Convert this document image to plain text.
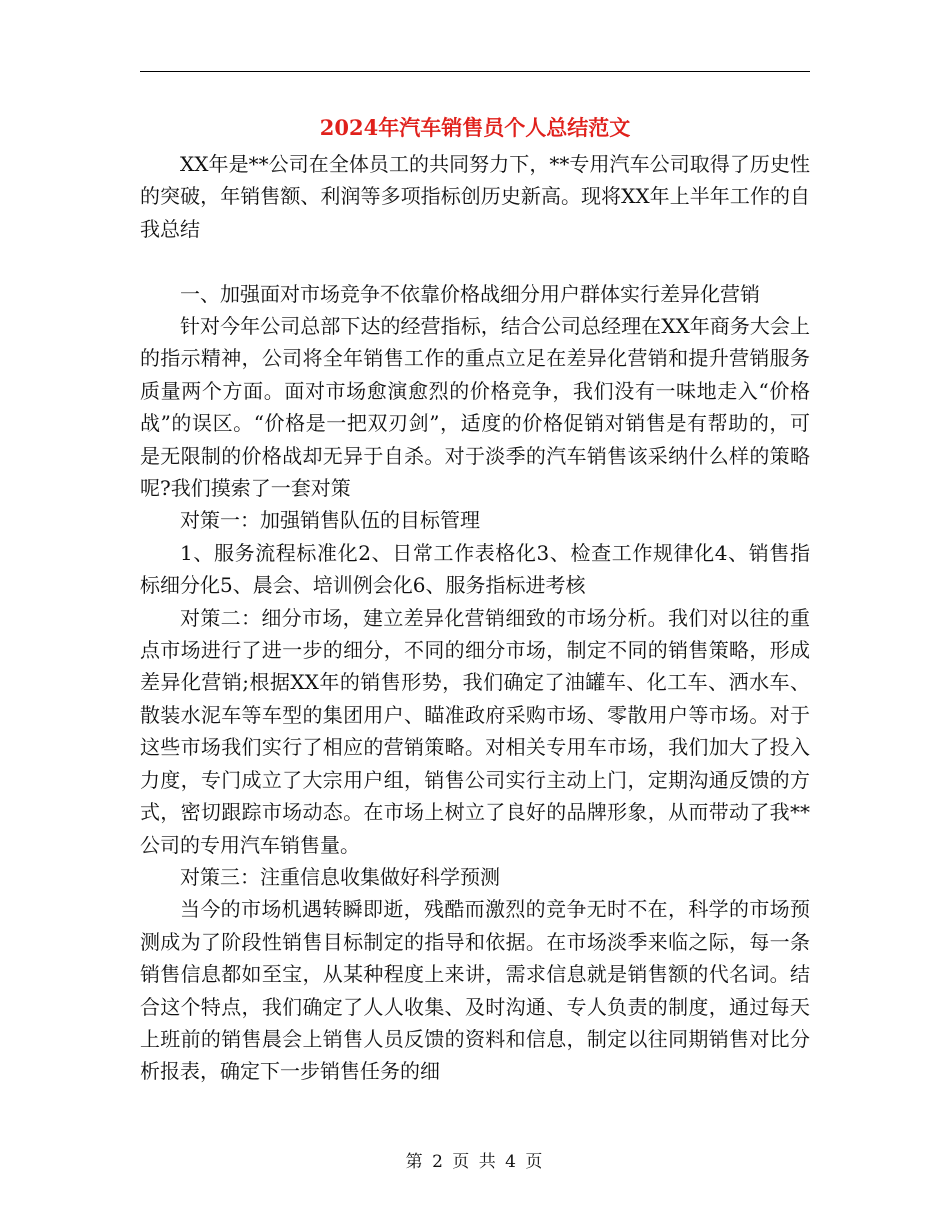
2024年汽车销售员个人总结范文

XX年是**公司在全体员工的共同努力下，**专用汽车公司取得了历史性的突破，年销售额、利润等多项指标创历史新高。现将XX年上半年工作的自我总结

一、加强面对市场竞争不依靠价格战细分用户群体实行差异化营销

针对今年公司总部下达的经营指标，结合公司总经理在XX年商务大会上的指示精神，公司将全年销售工作的重点立足在差异化营销和提升营销服务质量两个方面。面对市场愈演愈烈的价格竞争，我们没有一味地走入“价格战”的误区。“价格是一把双刃剑”，适度的价格促销对销售是有帮助的，可是无限制的价格战却无异于自杀。对于淡季的汽车销售该采纳什么样的策略呢?我们摸索了一套对策

对策一：加强销售队伍的目标管理

1、服务流程标准化2、日常工作表格化3、检查工作规律化4、销售指标细分化5、晨会、培训例会化6、服务指标进考核

对策二：细分市场，建立差异化营销细致的市场分析。我们对以往的重点市场进行了进一步的细分，不同的细分市场，制定不同的销售策略，形成差异化营销;根据XX年的销售形势，我们确定了油罐车、化工车、洒水车、散装水泥车等车型的集团用户、瞄准政府采购市场、零散用户等市场。对于这些市场我们实行了相应的营销策略。对相关专用车市场，我们加大了投入力度，专门成立了大宗用户组，销售公司实行主动上门，定期沟通反馈的方式，密切跟踪市场动态。在市场上树立了良好的品牌形象，从而带动了我**公司的专用汽车销售量。

对策三：注重信息收集做好科学预测

当今的市场机遇转瞬即逝，残酷而激烈的竞争无时不在，科学的市场预测成为了阶段性销售目标制定的指导和依据。在市场淡季来临之际，每一条销售信息都如至宝，从某种程度上来讲，需求信息就是销售额的代名词。结合这个特点，我们确定了人人收集、及时沟通、专人负责的制度，通过每天上班前的销售晨会上销售人员反馈的资料和信息，制定以往同期销售对比分析报表，确定下一步销售任务的细

第 2 页 共 4 页
